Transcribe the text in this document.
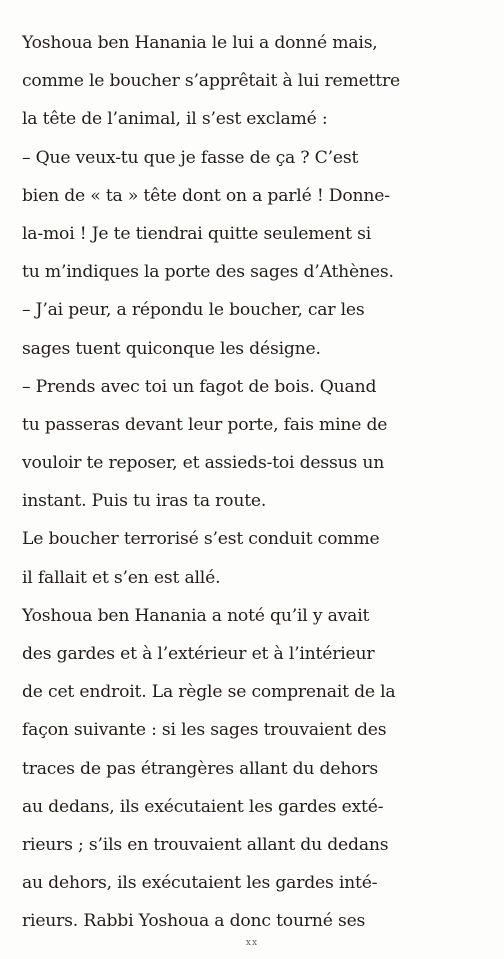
Yoshoua ben Hanania le lui a donné mais,
comme le boucher s’apprêtait à lui remettre
la tête de l’animal, il s’est exclamé :
– Que veux-tu que je fasse de ça ? C’est
bien de « ta » tête dont on a parlé ! Donne-
la-moi ! Je te tiendrai quitte seulement si
tu m’indiques la porte des sages d’Athènes.
– J’ai peur, a répondu le boucher, car les
sages tuent quiconque les désigne.
– Prends avec toi un fagot de bois. Quand
tu passeras devant leur porte, fais mine de
vouloir te reposer, et assieds-toi dessus un
instant. Puis tu iras ta route.
Le boucher terrorisé s’est conduit comme
il fallait et s’en est allé.
Yoshoua ben Hanania a noté qu’il y avait
des gardes et à l’extérieur et à l’intérieur
de cet endroit. La règle se comprenait de la
façon suivante : si les sages trouvaient des
traces de pas étrangères allant du dehors
au dedans, ils exécutaient les gardes exté-
rieurs ; s’ils en trouvaient allant du dedans
au dehors, ils exécutaient les gardes inté-
rieurs. Rabbi Yoshoua a donc tourné ses
xx
